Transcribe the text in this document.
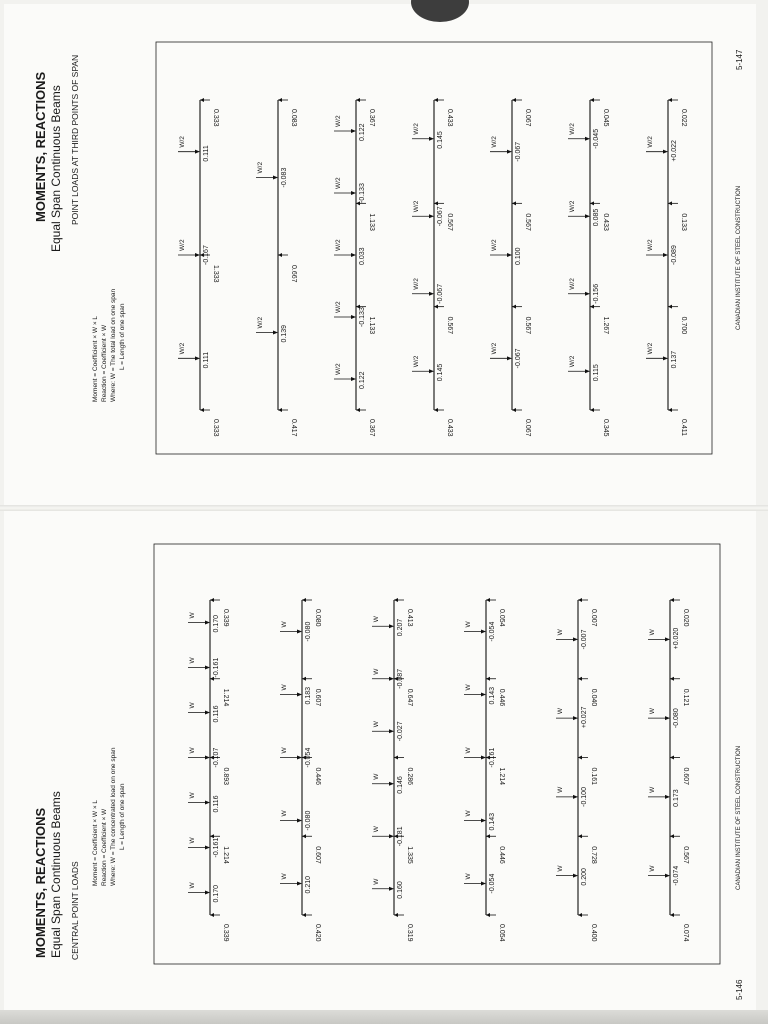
MOMENTS, REACTIONS Equal Span Continuous Beams POINT LOADS AT THIRD POINTS OF SPAN
Moment = Coefficient × W × L Reaction = Coefficient × W Where: W = The total load on one span L = Length of one span
0.333
0.333
1.333
W/2
0.111
W/2 -0.167
W/2
0.111
0.417
0.083
0.667
W/2
0.139
W/2 -0.083
0.367
0.367
1.133
1.133
W/2
0.122
W/2 -0.133
W/2
0.033
W/2 -0.133
W/2
0.122
0.433
0.433
0.567
0.567
W/2
0.145
W/2 -0.067
W/2 -0.067
W/2
0.145
0.067
0.067
0.567
0.567
W/2 -0.067
W/2
0.100
W/2 -0.067
0.345
0.045
1.267
0.433
W/2
0.115
W/2 -0.156
W/2
0.085
W/2 -0.045
0.411
0.022
0.700
0.133
W/2
0.137
W/2 -0.089
W/2 +0.022
5-147
CANADIAN INSTITUTE OF STEEL CONSTRUCTION
MOMENTS, REACTIONS Equal Span Continuous Beams CENTRAL POINT LOADS
Moment = Coefficient × W × L Reaction = Coefficient × W Where: W = The concentrated load on one span L = Length of one span
0.339
0.339
1.214
0.893
1.214
W 0.170
W -0.161
W
0.116
W -0.107
W
0.116
W -0.161
W 0.170
0.420
0.080
0.607
0.446
0.607
W 0.210
W -0.080
W -0.054
W 0.183
W -0.080
0.319
0.413
1.335
0.286
0.647
W 0.160
W -0.181
W 0.146
W -0.027
W -0.087
W 0.207
0.054
0.054
0.446
1.214
0.446
W -0.054
W 0.143
W -0.161
W 0.143
W -0.054
0.400
0.007
0.728
0.161
0.040
W 0.200
W -0.100
W +0.027
W -0.007
0.074
0.020
0.567
0.607
0.121
W -0.074
W 0.173
W -0.080
W +0.020
5-146
CANADIAN INSTITUTE OF STEEL CONSTRUCTION
